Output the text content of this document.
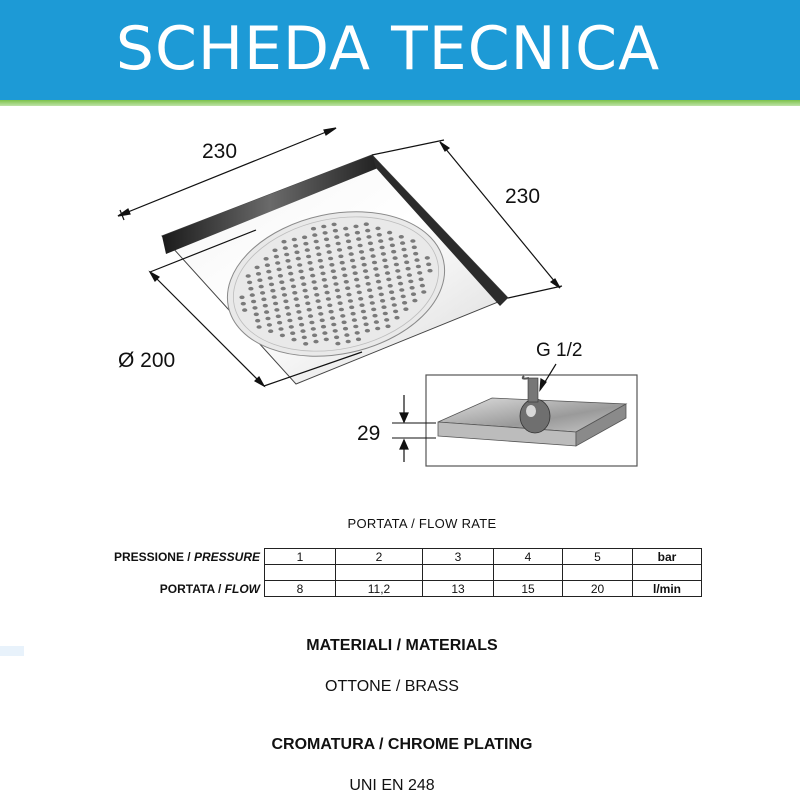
SCHEDA TECNICA
230
230
Ø 200	G 1/2
29
PORTATA / FLOW RATE
PRESSIONE / PRESSURE	1	2	3	4	5	bar

PORTATA / FLOW	8	11,2	13	15	20	l/min
MATERIALI / MATERIALS
OTTONE / BRASS
CROMATURA / CHROME PLATING
UNI EN 248
